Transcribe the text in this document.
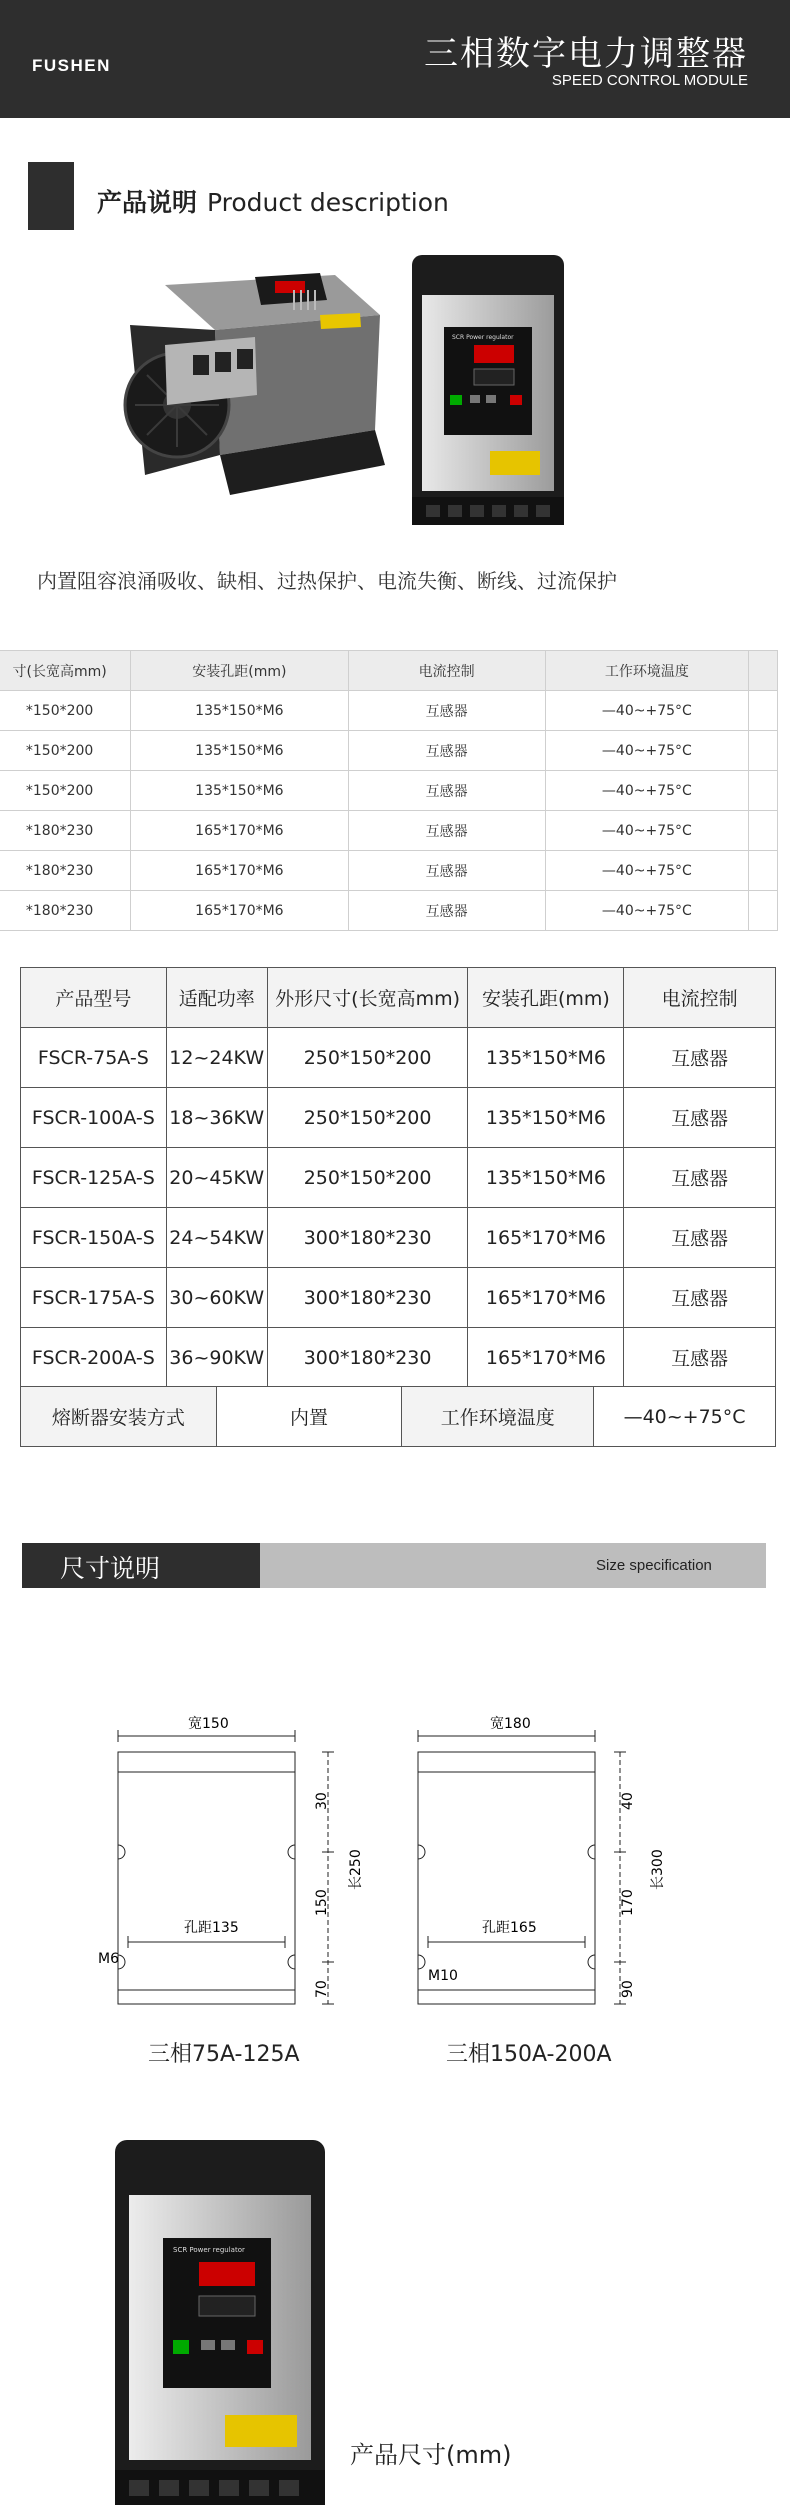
FUSHEN	三相数字电力调整器
SPEED CONTROL MODULE
产品说明 Product description
SCR Power regulator
内置阻容浪涌吸收、缺相、过热保护、电流失衡、断线、过流保护
寸(长宽高mm)	安装孔距(mm)	电流控制	工作环境温度	
*150*200	135*150*M6	互感器	—40~+75°C	
*150*200	135*150*M6	互感器	—40~+75°C	
*150*200	135*150*M6	互感器	—40~+75°C	
*180*230	165*170*M6	互感器	—40~+75°C	
*180*230	165*170*M6	互感器	—40~+75°C	
*180*230	165*170*M6	互感器	—40~+75°C	
产品型号	适配功率	外形尺寸(长宽高mm)	安装孔距(mm)	电流控制
FSCR-75A-S	12~24KW	250*150*200	135*150*M6	互感器
FSCR-100A-S	18~36KW	250*150*200	135*150*M6	互感器
FSCR-125A-S	20~45KW	250*150*200	135*150*M6	互感器
FSCR-150A-S	24~54KW	300*180*230	165*170*M6	互感器
FSCR-175A-S	30~60KW	300*180*230	165*170*M6	互感器
FSCR-200A-S	36~90KW	300*180*230	165*170*M6	互感器
尺寸说明	Size specification
宽150
孔距135
M6
长250
30
150
70
三相75A-125A
宽180
孔距165
M10
长300
40
170
90
三相150A-200A
SCR Power regulator
产品尺寸(mm)
熔断器安装方式	内置	工作环境温度	—40~+75°C
